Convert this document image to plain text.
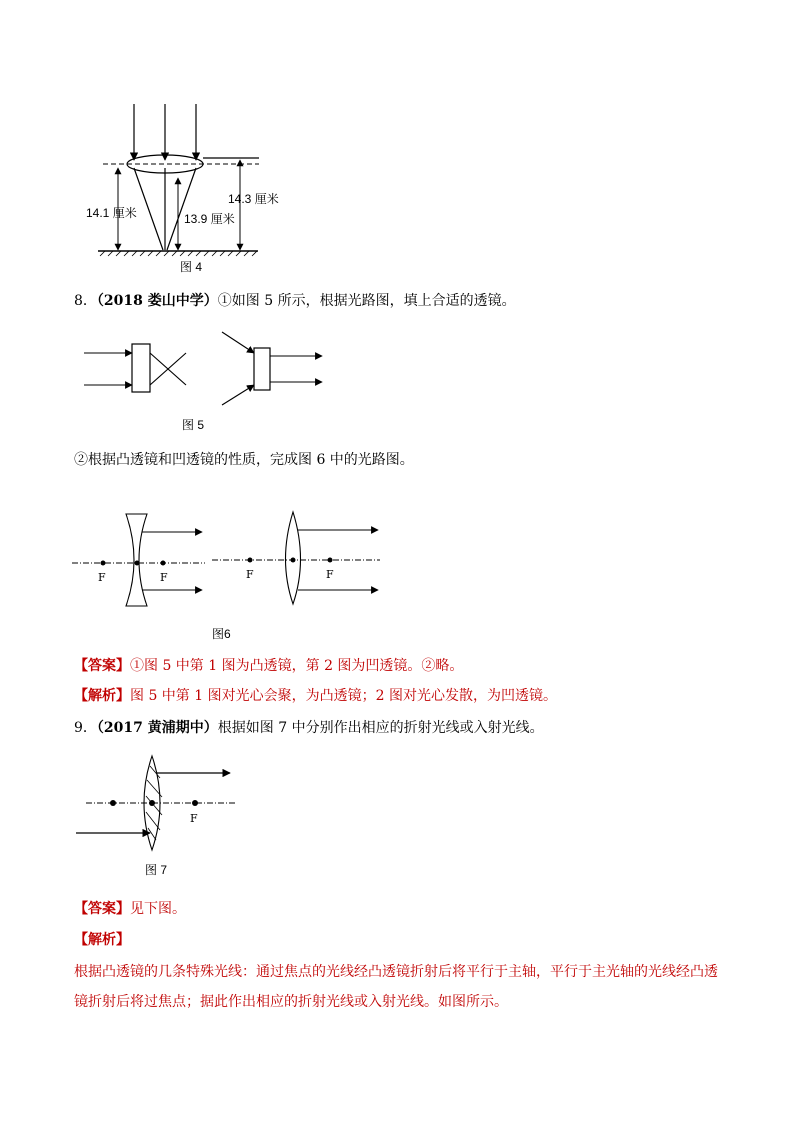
14.1 厘米	13.9 厘米
14.3 厘米
图 4
8．（2018 娄山中学）①如图 5 所示，根据光路图，填上合适的透镜。
图 5
②根据凸透镜和凹透镜的性质，完成图 6 中的光路图。
F	F	F	F
图6
【答案】①图 5 中第 1 图为凸透镜，第 2 图为凹透镜。②略。
【解析】图 5 中第 1 图对光心会聚，为凸透镜；2 图对光心发散，为凹透镜。
9．（2017 黄浦期中）根据如图 7 中分别作出相应的折射光线或入射光线。
F
图 7
【答案】见下图。
【解析】
根据凸透镜的几条特殊光线：通过焦点的光线经凸透镜折射后将平行于主轴，平行于主光轴的光线经凸透
镜折射后将过焦点；据此作出相应的折射光线或入射光线。如图所示。
